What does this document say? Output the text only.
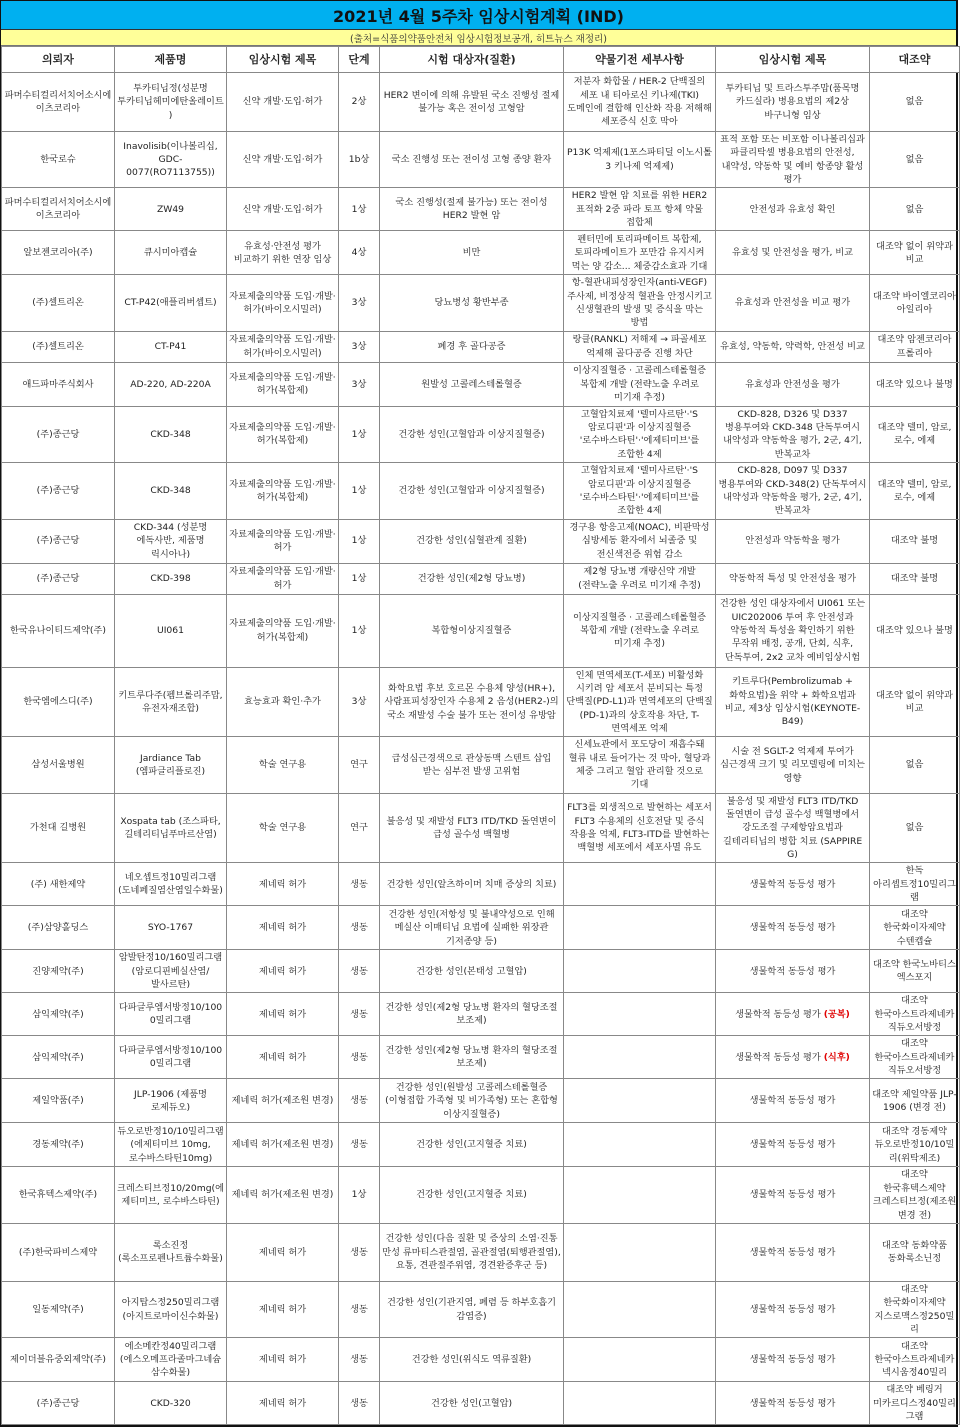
2021년 4월 5주차 임상시험계획 (IND)
(출처=식품의약품안전처 임상시험정보공개, 히트뉴스 재정리)
의뢰자	제품명	임상시험 제목	단계	시험 대상자(질환)	약물기전 세부사항	임상시험 제목	대조약
파머수티컬리서치어소시에이츠코리아	투카티닙정(성분명 투카티닙헤미에탄올레이트)	신약 개발·도입·허가	2상	HER2 변이에 의해 유발된 국소 진행성 절제 불가능 혹은 전이성 고형암	저분자 화합물 / HER-2 단백질의 세포 내 티아로신 키나제(TKI) 도메인에 결합해 인산화 작용 저해해 세포증식 신호 막아	투카티닙 및 트라스투주맙(품목명 카드실라) 병용요법의 제2상 바구니형 임상	없음
한국로슈	Inavolisib(이나볼리십, GDC-0077(RO7113755))	신약 개발·도입·허가	1b상	국소 진행성 또는 전이성 고형 종양 환자	P13K 억제제(1포스파티딜 이노시톨 3 키나제 억제제)	표적 포함 또는 비포함 이나볼리십과 파클리탁셀 병용요법의 안전성, 내약성, 약동학 및 예비 항종양 활성 평가	없음
파머수티컬리서치어소시에이츠코리아	ZW49	신약 개발·도입·허가	1상	국소 진행성(절제 불가능) 또는 전이성 HER2 발현 암	HER2 발현 암 치료를 위한 HER2 표적화 2중 파라 토프 항체 약물 접합체	안전성과 유효성 확인	없음
알보젠코리아(주)	큐시미아캡슐	유효성·안전성 평가 비교하기 위한 연장 임상	4상	비만	펜터민에 토리파메이트 복합제, 토피라메이트가 포만감 유지시켜 먹는 양 감소... 체중감소효과 기대	유효성 및 안전성을 평가, 비교	대조약 없이 위약과 비교
(주)셀트리온	CT-P42(애플리버셉트)	자료제출의약품 도입·개발·허가(바이오시밀러)	3상	당뇨병성 황반부종	항-혈관내피성장인자(anti-VEGF) 주사제, 비정상적 혈관을 안정시키고 신생혈관의 발생 및 증식을 막는 방법	유효성과 안전성을 비교 평가	대조약 바이엘코리아 아일리아
(주)셀트리온	CT-P41	자료제출의약품 도입·개발·허가(바이오시밀러)	3상	폐경 후 골다공증	랑클(RANKL) 저해제 → 파골세포 억제해 골다공증 진행 차단	유효성, 약동학, 약력학, 안전성 비교	대조약 암젠코리아 프롤리아
애드파마주식회사	AD-220, AD-220A	자료제출의약품 도입·개발·허가(복합제)	3상	원발성 고콜레스테롤혈증	이상지질혈증 · 고콜레스테롤혈증 복합제 개발 (전략노출 우려로 미기재 추정)	유효성과 안전성을 평가	대조약 있으나 불명
(주)종근당	CKD-348	자료제출의약품 도입·개발·허가(복합제)	1상	건강한 성인(고혈압과 이상지질혈증)	고혈압치료제 '텔미사르탄'·'S 암로디핀'과 이상지질혈증 '로수바스타틴'·'에제티미브'를 조합한 4제	CKD-828, D326 및 D337 병용투여와 CKD-348 단독투여시 내약성과 약동학을 평가, 2군, 4기, 반복교차	대조약 텔미, 암로, 로수, 에제
(주)종근당	CKD-348	자료제출의약품 도입·개발·허가(복합제)	1상	건강한 성인(고혈압과 이상지질혈증)	고혈압치료제 '텔미사르탄'·'S 암로디핀'과 이상지질혈증 '로수바스타틴'·'에제티미브'를 조합한 4제	CKD-828, D097 및 D337 병용투여와 CKD-348(2) 단독투여시 내약성과 약동학을 평가, 2군, 4기, 반복교차	대조약 텔미, 암로, 로수, 에제
(주)종근당	CKD-344 (성분명 에독사반, 제품명 릭시아나)	자료제출의약품 도입·개발·허가	1상	건강한 성인(심혈관계 질환)	경구용 항응고제(NOAC), 비판막성 심방세동 환자에서 뇌졸중 및 전신색전증 위험 감소	안전성과 약동학을 평가	대조약 불명
(주)종근당	CKD-398	자료제출의약품 도입·개발·허가	1상	건강한 성인(제2형 당뇨병)	제2형 당뇨병 개량신약 개발(전략노출 우려로 미기재 추정)	약동학적 특성 및 안전성을 평가	대조약 불명
한국유나이티드제약(주)	UI061	자료제출의약품 도입·개발·허가(복합제)	1상	복합형이상지질혈증	이상지질혈증 · 고콜레스테롤혈증 복합제 개발 (전략노출 우려로 미기재 추정)	건강한 성인 대상자에서 UI061 또는 UIC202006 투여 후 안전성과 약동학적 특성을 확인하기 위한 무작위 배정, 공개, 단회, 식후, 단독투여, 2x2 교차 예비임상시험	대조약 있으나 불명
한국엠에스디(주)	키트루다주(펨브롤리주맙, 유전자재조합)	효능효과 확인·추가	3상	화학요법 후보 호르몬 수용체 양성(HR+), 사람표피성장인자 수용체 2 음성(HER2-)의 국소 재발성 수술 불가 또는 전이성 유방암	인체 면역세포(T-세포) 비활성화 시키려 암 세포서 분비되는 특정 단백질(PD-L1)과 면역세포의 단백질(PD-1)과의 상호작용 차단, T-면역세포 억제	키트루다(Pembrolizumab + 화학요법)을 위약 + 화학요법과 비교, 제3상 임상시험(KEYNOTE-B49)	대조약 없이 위약과 비교
삼성서울병원	Jardiance Tab (엠파글리플로진)	학술 연구용	연구	급성심근경색으로 관상동맥 스텐트 삽입 받는 심부전 발생 고위험	신세뇨관에서 포도당이 재흡수돼 혈류 내로 들어가는 것 막아, 혈당과 체중 그리고 혈압 관리할 것으로 기대	시술 전 SGLT-2 억제제 투여가 심근경색 크기 및 리모델링에 미치는 영향	없음
가천대 길병원	Xospata tab (조스파타, 길테리티닙푸마르산염)	학술 연구용	연구	불응성 및 재발성 FLT3 ITD/TKD 돌연변이 급성 골수성 백혈병	FLT3를 외생적으로 발현하는 세포서 FLT3 수용체의 신호전달 및 증식 작용을 억제, FLT3-ITD를 발현하는 백혈병 세포에서 세포사멸 유도	불응성 및 재발성 FLT3 ITD/TKD 돌연변이 급성 골수성 백혈병에서 강도조절 구제항암요법과 길테리티닙의 병합 치료 (SAPPIRE G)	없음
(주) 새한제약	네오셉트정10밀리그램(도네페질염산염일수화물)	제네릭 허가	생동	건강한 성인(알츠하이머 치매 증상의 치료)		생물학적 동등성 평가	한독 아리셉트정10밀리그램
(주)삼양홀딩스	SYO-1767	제네릭 허가	생동	건강한 성인(저항성 및 불내약성으로 인해 메실산 이매티닙 요법에 실패한 위장관 기저종양 등)		생물학적 동등성 평가	대조약 한국화이자제약 수텐캡슐
진양제약(주)	암발탄정10/160밀리그램 (암로디핀베실산염/발사르탄)	제네릭 허가	생동	건강한 성인(본태성 고혈압)		생물학적 동등성 평가	대조약 한국노바티스 엑스포지
삼익제약(주)	다파글루엠서방정10/1000밀리그램	제네릭 허가	생동	건강한 성인(제2형 당뇨병 환자의 혈당조절 보조제)		생물학적 동등성 평가 (공복)	대조약 한국아스트라제네카 직듀오서방정
삼익제약(주)	다파글루엠서방정10/1000밀리그램	제네릭 허가	생동	건강한 성인(제2형 당뇨병 환자의 혈당조절 보조제)		생물학적 동등성 평가 (식후)	대조약 한국아스트라제네카 직듀오서방정
제일약품(주)	JLP-1906 (제품명 로제듀오)	제네릭 허가(제조원 변경)	생동	건강한 성인(원발성 고콜레스테롤혈증(이형접합 가족형 및 비가족형) 또는 혼합형 이상지질혈증)		생물학적 동등성 평가	대조약 제일약품 JLP-1906 (변경 전)
경동제약(주)	듀오로반정10/10밀리그램(에제티미브 10mg, 로수바스타틴10mg)	제네릭 허가(제조원 변경)	생동	건강한 성인(고지혈증 치료)		생물학적 동등성 평가	대조약 경동제약 듀오로반정10/10밀리(위탁제조)
한국휴텍스제약(주)	크레스티브정10/20mg(에제티미브, 로수바스타틴)	제네릭 허가(제조원 변경)	1상	건강한 성인(고지혈증 치료)		생물학적 동등성 평가	대조약 한국휴텍스제약 크레스티브정(제조원 변경 전)
(주)한국파비스제약	록소진정(록소프로펜나트륨수화물)	제네릭 허가	생동	건강한 성인(다음 질환 및 증상의 소염·진통 만성 류마티스관절염, 골관절염(퇴행관절염), 요통, 견관절주위염, 경견완증후군 등)		생물학적 동등성 평가	대조약 동화약품 동화록소닌정
일동제약(주)	아지탑스정250밀리그램(아지트로마이신수화물)	제네릭 허가	생동	건강한 성인(기관지염, 폐렴 등 하부호흡기 감염증)		생물학적 동등성 평가	대조약 한국화이자제약 지스로맥스정250밀리
제이더블유중외제약(주)	에소메칸정40밀리그램(에스오메프라졸마그네슘삼수화물)	제네릭 허가	생동	건강한 성인(위식도 역류질환)		생물학적 동등성 평가	대조약 한국아스트라제네카 넥시움정40밀리
(주)종근당	CKD-320	제네릭 허가	생동	건강한 성인(고혈압)		생물학적 동등성 평가	대조약 베링거 미카르디스정40밀리그램
